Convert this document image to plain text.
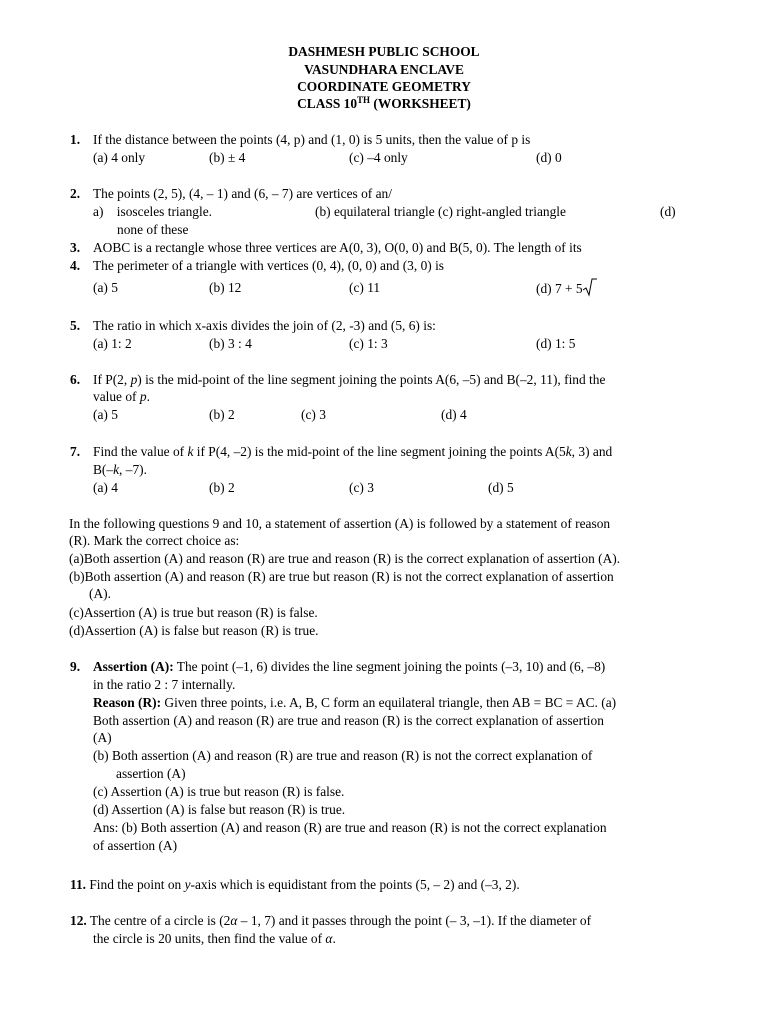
DASHMESH PUBLIC SCHOOL
VASUNDHARA ENCLAVE
COORDINATE GEOMETRY
CLASS 10TH (WORKSHEET)
1. If the distance between the points (4, p) and (1, 0) is 5 units, then the value of p is
(a) 4 only	(b) ± 4	(c) –4 only	(d) 0
2. The points (2, 5), (4, – 1) and (6, – 7) are vertices of an/
a)    isosceles triangle.	(b) equilateral triangle (c) right-angled triangle	(d)
none of these
3. AOBC is a rectangle whose three vertices are A(0, 3), O(0, 0) and B(5, 0). The length of its
4. The perimeter of a triangle with vertices (0, 4), (0, 0) and (3, 0) is
(a) 5	(b) 12	(c) 11	(d) 7 + 5
5. The ratio in which x-axis divides the join of (2, -3) and (5, 6) is:
(a) 1: 2	(b) 3 : 4	(c) 1: 3	(d) 1: 5
6. If P(2, p) is the mid-point of the line segment joining the points A(6, –5) and B(–2, 11), find the
value of p.
(a) 5	(b) 2	(c) 3	(d) 4
7. Find the value of k if P(4, –2) is the mid-point of the line segment joining the points A(5k, 3) and
B(–k, –7).
(a) 4	(b) 2	(c) 3	(d) 5
In the following questions 9 and 10, a statement of assertion (A) is followed by a statement of reason
(R). Mark the correct choice as:
(a)Both assertion (A) and reason (R) are true and reason (R) is the correct explanation of assertion (A).
(b)Both assertion (A) and reason (R) are true but reason (R) is not the correct explanation of assertion
(A).
(c)Assertion (A) is true but reason (R) is false.
(d)Assertion (A) is false but reason (R) is true.
9. Assertion (A): The point (–1, 6) divides the line segment joining the points (–3, 10) and (6, –8)
in the ratio 2 : 7 internally.
Reason (R): Given three points, i.e. A, B, C form an equilateral triangle, then AB = BC = AC. (a)
Both assertion (A) and reason (R) are true and reason (R) is the correct explanation of assertion
(A)
(b) Both assertion (A) and reason (R) are true and reason (R) is not the correct explanation of
assertion (A)
(c) Assertion (A) is true but reason (R) is false.
(d) Assertion (A) is false but reason (R) is true.
Ans: (b) Both assertion (A) and reason (R) are true and reason (R) is not the correct explanation
of assertion (A)
11. Find the point on y-axis which is equidistant from the points (5, – 2) and (–3, 2).
12. The centre of a circle is (2α – 1, 7) and it passes through the point (– 3, –1). If the diameter of
the circle is 20 units, then find the value of α.
